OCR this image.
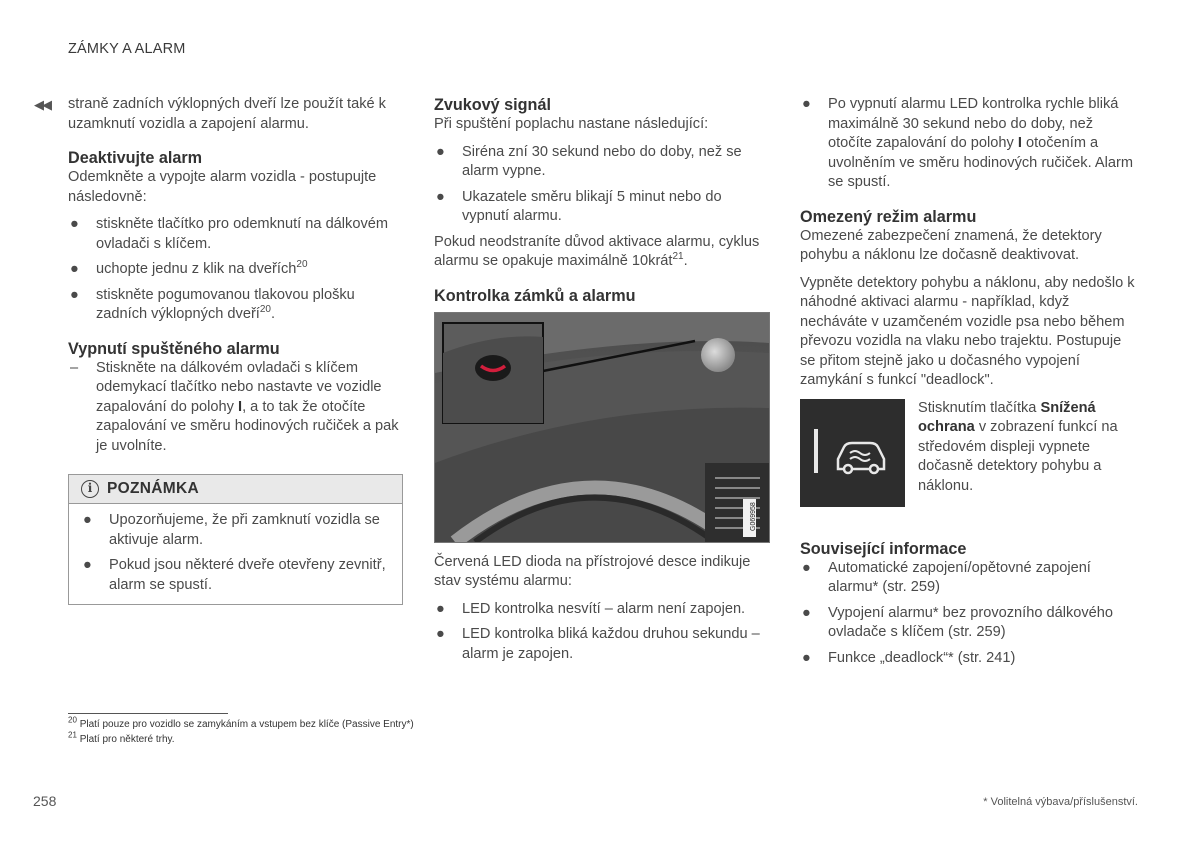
ZÁMKY A ALARM
◀◀ straně zadních výklopných dveří lze použít také k uzamknutí vozidla a zapojení alarmu.

Deaktivujte alarm

Odemkněte a vypojte alarm vozidla - postupujte následovně:

● stiskněte tlačítko pro odemknutí na dálkovém ovladači s klíčem.
● uchopte jednu z klik na dveřích$^{20}$
● stiskněte pogumovanou tlakovou plošku zadních výklopných dveří$^{20}$.

Vypnutí spuštěného alarmu

– Stiskněte na dálkovém ovladači s klíčem odemykací tlačítko nebo nastavte ve vozidle zapalování do polohy I, a to tak že otočíte zapalování ve směru hodinových ručiček a pak je uvolníte.
i POZNÁMKA
● Upozorňujeme, že při zamknutí vozidla se aktivuje alarm.
● Pokud jsou některé dveře otevřeny zevnitř, alarm se spustí.

Zvukový signál

Při spuštění poplachu nastane následující:

● Siréna zní 30 sekund nebo do doby, než se alarm vypne.
● Ukazatele směru blikají 5 minut nebo do vypnutí alarmu.

Pokud neodstraníte důvod aktivace alarmu, cyklus alarmu se opakuje maximálně 10krát$^{21}$.

Kontrolka zámků a alarmu

G069958

Červená LED dioda na přístrojové desce indikuje stav systému alarmu:

● LED kontrolka nesvítí – alarm není zapojen.
● LED kontrolka bliká každou druhou sekundu – alarm je zapojen.
● Po vypnutí alarmu LED kontrolka rychle bliká maximálně 30 sekund nebo do doby, než otočíte zapalování do polohy I otočením a uvolněním ve směru hodinových ručiček. Alarm se spustí.

Omezený režim alarmu

Omezené zabezpečení znamená, že detektory pohybu a náklonu lze dočasně deaktivovat.

Vypněte detektory pohybu a náklonu, aby nedošlo k náhodné aktivaci alarmu - například, když necháváte v uzamčeném vozidle psa nebo během převozu vozidla na vlaku nebo trajektu. Postupuje se přitom stejně jako u dočasného vypojení zamykání s funkcí "deadlock".

Stisknutím tlačítka Snížená ochrana v zobrazení funkcí na středovém displeji vypnete dočasně detektory pohybu a náklonu.

Související informace

● Automatické zapojení/opětovné zapojení alarmu* (str. 259)
● Vypojení alarmu* bez provozního dálkového ovladače s klíčem (str. 259)
● Funkce „deadlock“* (str. 241)
$^{20}$ Platí pouze pro vozidlo se zamykáním a vstupem bez klíče (Passive Entry*)
$^{21}$ Platí pro některé trhy.
258	* Volitelná výbava/příslušenství.
